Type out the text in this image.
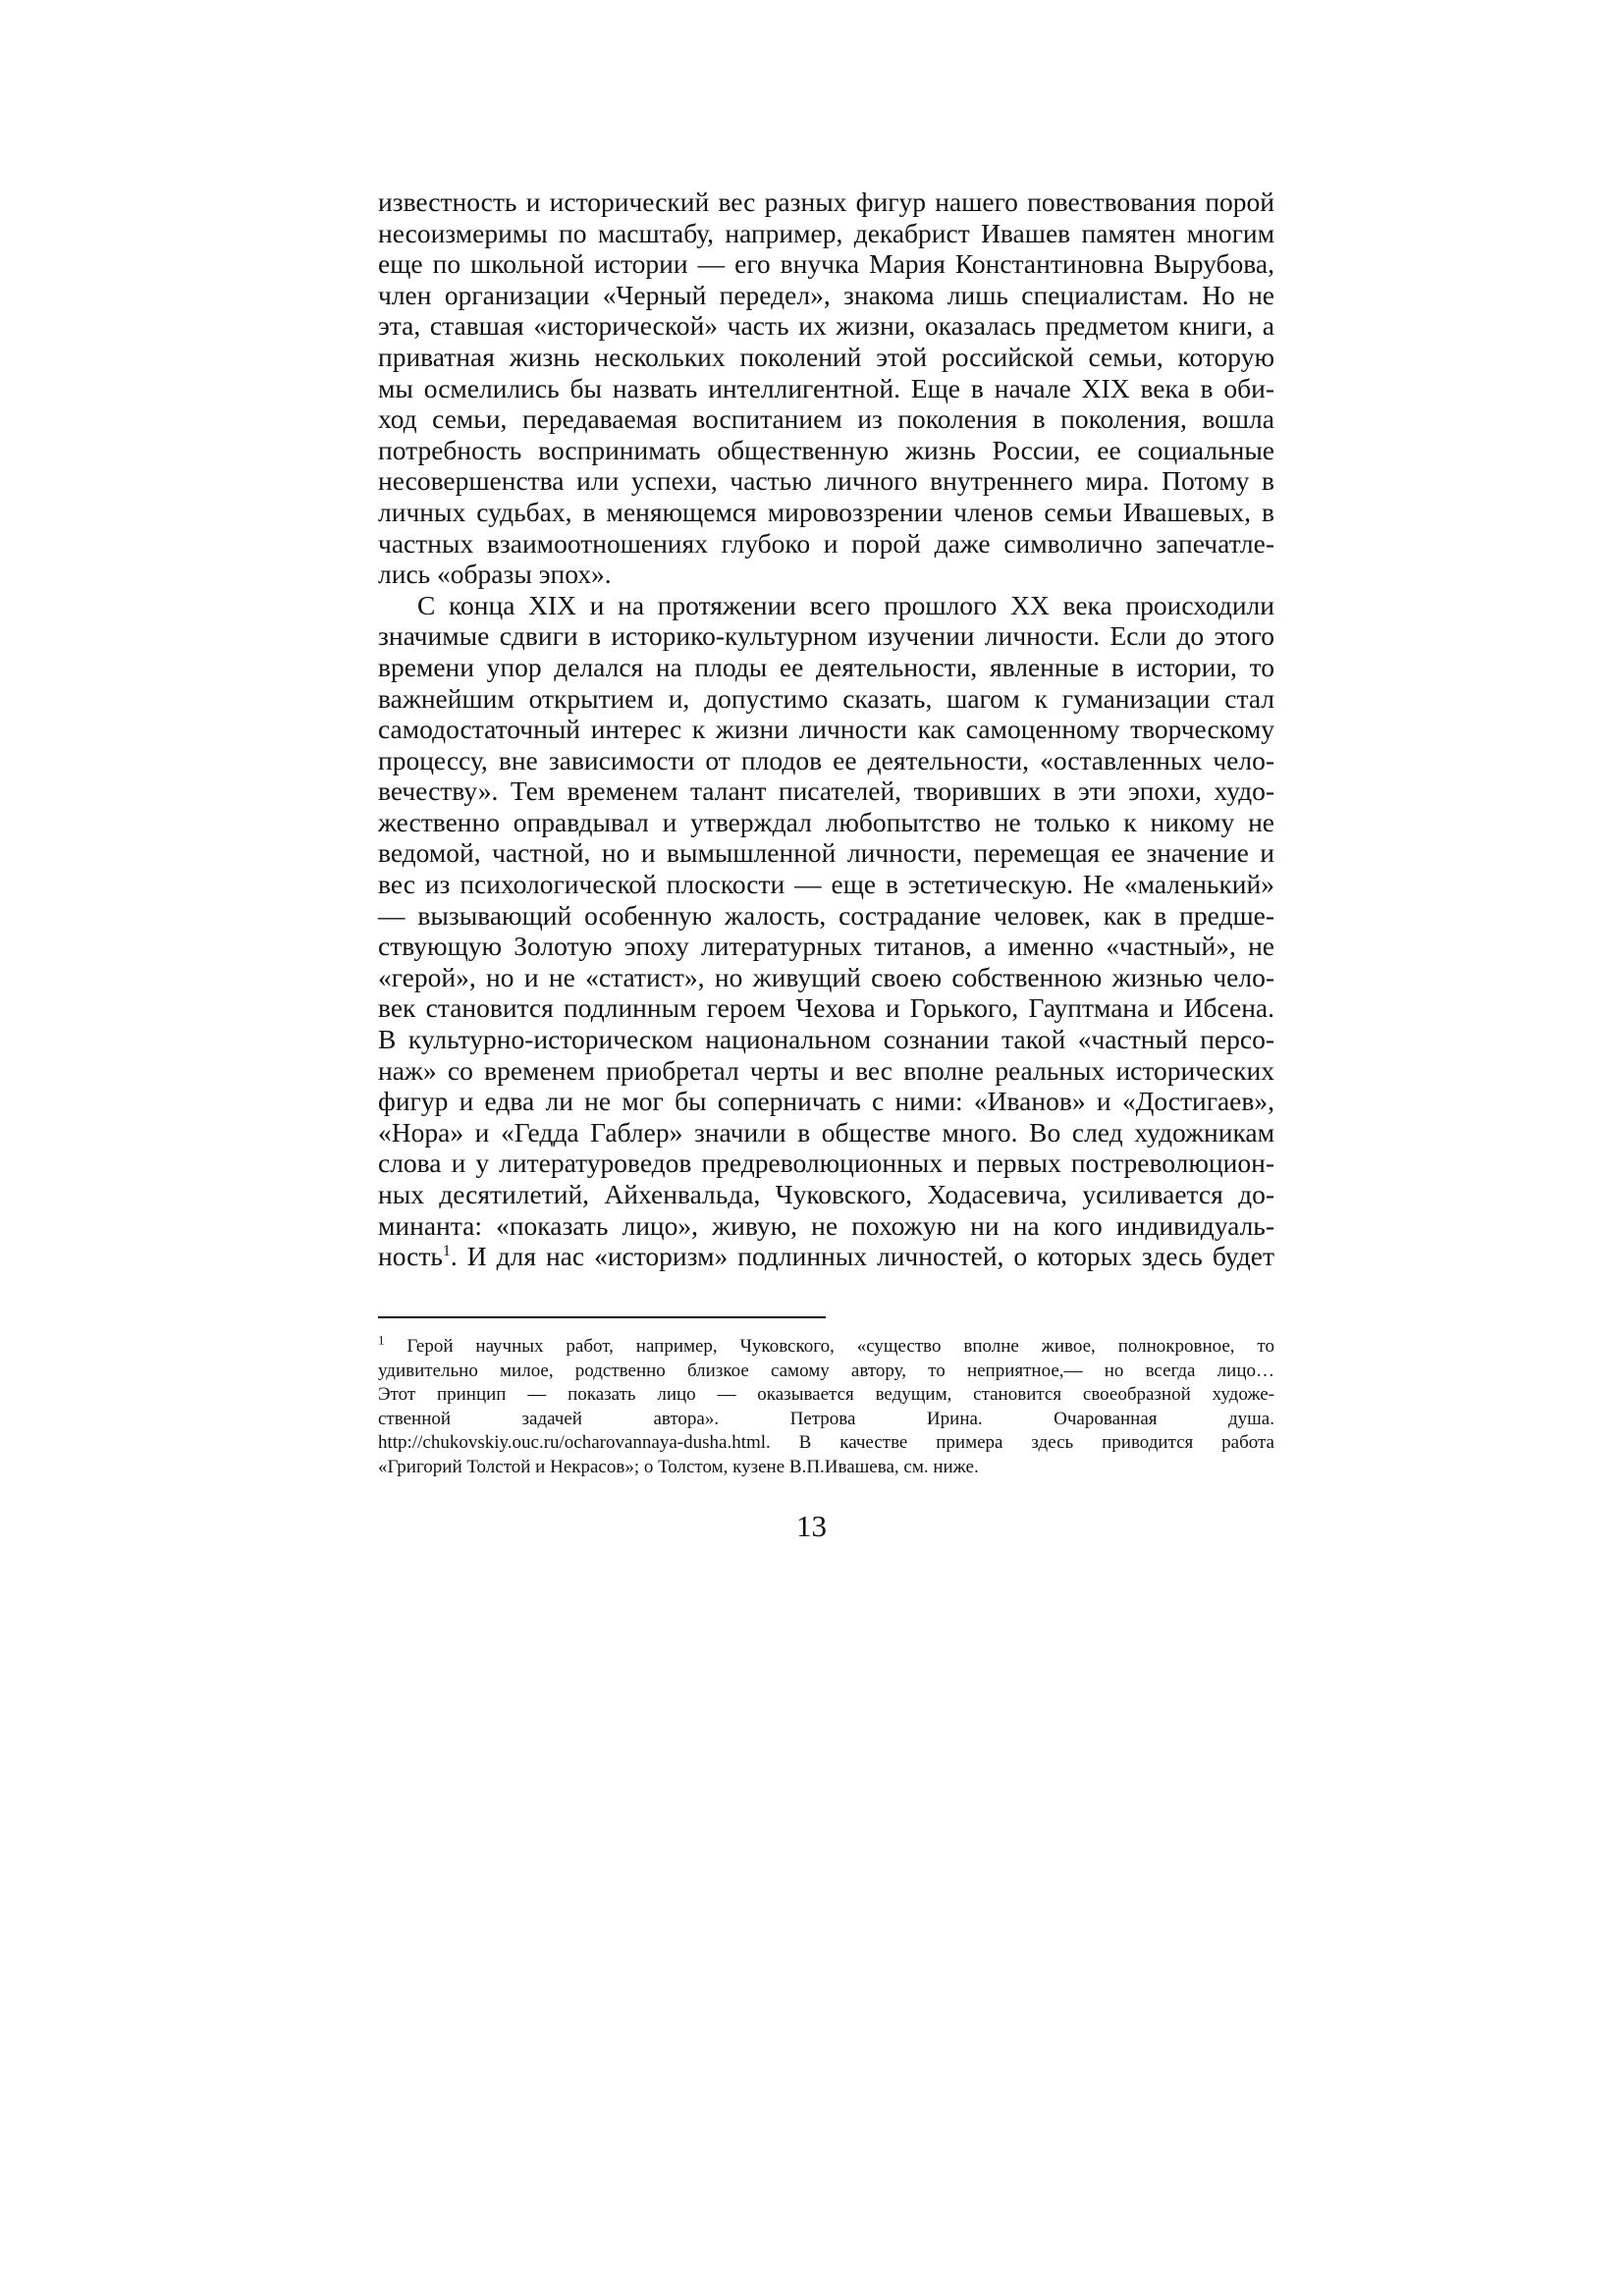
известность и исторический вес разных фигур нашего повествования порой
несоизмеримы по масштабу, например, декабрист Ивашев памятен многим
еще по школьной истории — его внучка Мария Константиновна Вырубова,
член организации «Черный передел», знакома лишь специалистам. Но не
эта, ставшая «исторической» часть их жизни, оказалась предметом книги, а
приватная жизнь нескольких поколений этой российской семьи, которую
мы осмелились бы назвать интеллигентной. Еще в начале XIX века в оби-
ход семьи, передаваемая воспитанием из поколения в поколения, вошла
потребность воспринимать общественную жизнь России, ее социальные
несовершенства или успехи, частью личного внутреннего мира. Потому в
личных судьбах, в меняющемся мировоззрении членов семьи Ивашевых, в
частных взаимоотношениях глубоко и порой даже символично запечатле-
лись «образы эпох».
С конца XIX и на протяжении всего прошлого XX века происходили
значимые сдвиги в историко-культурном изучении личности. Если до этого
времени упор делался на плоды ее деятельности, явленные в истории, то
важнейшим открытием и, допустимо сказать, шагом к гуманизации стал
самодостаточный интерес к жизни личности как самоценному творческому
процессу, вне зависимости от плодов ее деятельности, «оставленных чело-
вечеству». Тем временем талант писателей, творивших в эти эпохи, худо-
жественно оправдывал и утверждал любопытство не только к никому не
ведомой, частной, но и вымышленной личности, перемещая ее значение и
вес из психологической плоскости — еще в эстетическую. Не «маленький»
— вызывающий особенную жалость, сострадание человек, как в предше-
ствующую Золотую эпоху литературных титанов, а именно «частный», не
«герой», но и не «статист», но живущий своею собственною жизнью чело-
век становится подлинным героем Чехова и Горького, Гауптмана и Ибсена.
В культурно-историческом национальном сознании такой «частный персо-
наж» со временем приобретал черты и вес вполне реальных исторических
фигур и едва ли не мог бы соперничать с ними: «Иванов» и «Достигаев»,
«Нора» и «Гедда Габлер» значили в обществе много. Во след художникам
слова и у литературоведов предреволюционных и первых постреволюцион-
ных десятилетий, Айхенвальда, Чуковского, Ходасевича, усиливается до-
минанта: «показать лицо», живую, не похожую ни на кого индивидуаль-
ность$^1$. И для нас «историзм» подлинных личностей, о которых здесь будет
$^1$ Герой научных работ, например, Чуковского, «существо вполне живое, полнокровное, то
удивительно милое, родственно близкое самому автору, то неприятное,— но всегда лицо…
Этот принцип — показать лицо — оказывается ведущим, становится своеобразной художе-
ственной задачей автора». Петрова Ирина. Очарованная душа.
http://chukovskiy.ouc.ru/ocharovannaya-dusha.html. В качестве примера здесь приводится работа
«Григорий Толстой и Некрасов»; о Толстом, кузене В.П.Ивашева, см. ниже.
13
